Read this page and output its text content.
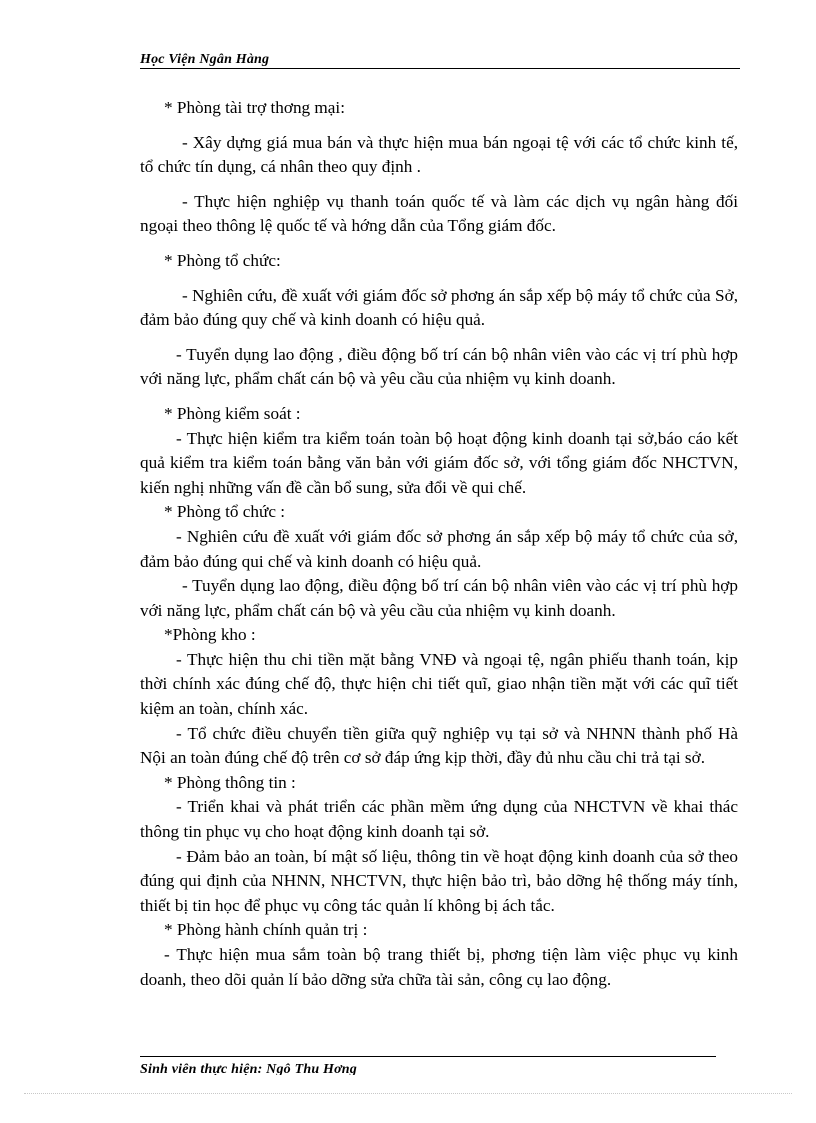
Học Viện Ngân Hàng

* Phòng tài trợ thơng mại:

- Xây dựng giá mua bán và thực hiện mua bán ngoại tệ với các tổ chức kinh tế, tổ chức tín dụng, cá nhân theo quy định .

- Thực hiện nghiệp vụ thanh toán quốc tế và làm các dịch vụ ngân hàng đối ngoại theo thông lệ quốc tế và hớng dẫn của Tổng giám đốc.

* Phòng tổ chức:

- Nghiên cứu, đề xuất với giám đốc sở phơng án sắp xếp bộ máy tổ chức của Sở, đảm bảo đúng quy chế và kinh doanh có hiệu quả.

- Tuyển dụng lao động , điều động bố trí cán bộ nhân viên vào các vị trí phù hợp với năng lực, phẩm chất cán bộ và yêu cầu của nhiệm vụ kinh doanh.

* Phòng kiểm soát :

- Thực hiện kiểm tra kiểm toán toàn bộ hoạt động kinh doanh tại sở,báo cáo kết quả kiểm tra kiểm toán bằng văn bản với giám đốc sở, với tổng giám đốc NHCTVN, kiến nghị những vấn đề cần bổ sung, sửa đổi về qui chế.

* Phòng tổ chức :

- Nghiên cứu đề xuất với giám đốc sở phơng án sắp xếp bộ máy tổ chức của sở, đảm bảo đúng qui chế và kinh doanh có hiệu quả.

- Tuyển dụng lao động, điều động bố trí cán bộ nhân viên vào các vị trí phù hợp với năng lực, phẩm chất cán bộ và yêu cầu của nhiệm vụ kinh doanh.

*Phòng kho :

- Thực hiện thu chi tiền mặt bằng VNĐ và ngoại tệ, ngân phiếu thanh toán, kịp thời chính xác đúng chế độ, thực hiện chi tiết quĩ, giao nhận tiền mặt với các quĩ tiết kiệm an toàn, chính xác.

- Tổ chức điều chuyển tiền giữa quỹ nghiệp vụ tại sở và NHNN thành phố Hà Nội an toàn đúng chế độ trên cơ sở đáp ứng kịp thời, đầy đủ nhu cầu chi trả tại sở.

* Phòng thông tin :

- Triển khai và phát triển các phần mềm ứng dụng của NHCTVN về khai thác thông tin phục vụ cho hoạt động kinh doanh tại sở.

- Đảm bảo an toàn, bí mật số liệu, thông tin về hoạt động kinh doanh của sở theo đúng qui định của NHNN, NHCTVN, thực hiện bảo trì, bảo dỡng hệ thống máy tính, thiết bị tin học để phục vụ công tác quản lí không bị ách tắc.

* Phòng hành chính quản trị :

- Thực hiện mua sắm toàn bộ trang thiết bị, phơng tiện làm việc phục vụ kinh doanh, theo dõi quản lí bảo dỡng sửa chữa tài sản, công cụ lao động.

Sinh viên thực hiện: Ngô Thu Hơng
